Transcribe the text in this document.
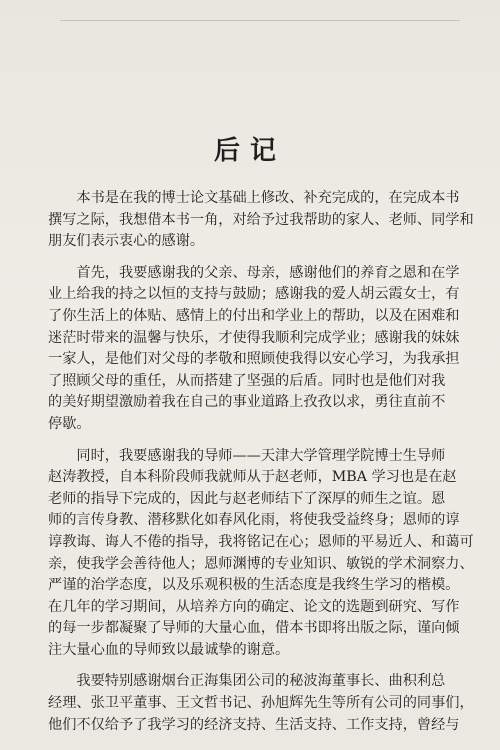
后记
本书是在我的博士论文基础上修改、补充完成的，在完成本书
撰写之际，我想借本书一角，对给予过我帮助的家人、老师、同学和
朋友们表示衷心的感谢。
首先，我要感谢我的父亲、母亲，感谢他们的养育之恩和在学
业上给我的持之以恒的支持与鼓励；感谢我的爱人胡云霞女士，有
了你生活上的体贴、感情上的付出和学业上的帮助，以及在困难和
迷茫时带来的温馨与快乐，才使得我顺利完成学业；感谢我的妹妹
一家人，是他们对父母的孝敬和照顾使我得以安心学习，为我承担
了照顾父母的重任，从而搭建了坚强的后盾。同时也是他们对我
的美好期望激励着我在自己的事业道路上孜孜以求，勇往直前不
停歇。
同时，我要感谢我的导师——天津大学管理学院博士生导师
赵涛教授，自本科阶段师我就师从于赵老师，MBA 学习也是在赵
老师的指导下完成的，因此与赵老师结下了深厚的师生之谊。恩
师的言传身教、潜移默化如春风化雨，将使我受益终身；恩师的谆
谆教诲、诲人不倦的指导，我将铭记在心；恩师的平易近人、和蔼可
亲，使我学会善待他人；恩师渊博的专业知识、敏锐的学术洞察力、
严谨的治学态度，以及乐观积极的生活态度是我终生学习的楷模。
在几年的学习期间，从培养方向的确定、论文的选题到研究、写作
的每一步都凝聚了导师的大量心血，借本书即将出版之际，谨向倾
注大量心血的导师致以最诚挚的谢意。
我要特别感谢烟台正海集团公司的秘波海董事长、曲积利总
经理、张卫平董事、王文哲书记、孙旭辉先生等所有公司的同事们，
他们不仅给予了我学习的经济支持、生活支持、工作支持，曾经与
